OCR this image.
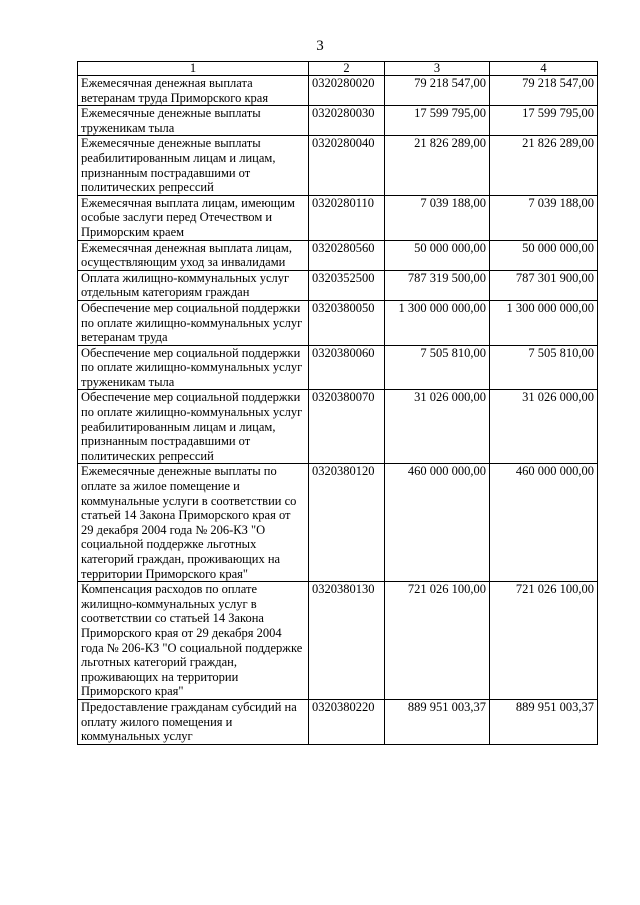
3
1	2	3	4
Ежемесячная денежная выплата ветеранам труда Приморского края	0320280020	79 218 547,00	79 218 547,00
Ежемесячные денежные выплаты труженикам тыла	0320280030	17 599 795,00	17 599 795,00
Ежемесячные денежные выплаты реабилитированным лицам и лицам, признанным пострадавшими от политических репрессий	0320280040	21 826 289,00	21 826 289,00
Ежемесячная выплата лицам, имеющим особые заслуги перед Отечеством и Приморским краем	0320280110	7 039 188,00	7 039 188,00
Ежемесячная денежная выплата лицам, осуществляющим уход за инвалидами	0320280560	50 000 000,00	50 000 000,00
Оплата жилищно-коммунальных услуг отдельным категориям граждан	0320352500	787 319 500,00	787 301 900,00
Обеспечение мер социальной поддержки по оплате жилищно-коммунальных услуг ветеранам труда	0320380050	1 300 000 000,00	1 300 000 000,00
Обеспечение мер социальной поддержки по оплате жилищно-коммунальных услуг труженикам тыла	0320380060	7 505 810,00	7 505 810,00
Обеспечение мер социальной поддержки по оплате жилищно-коммунальных услуг реабилитированным лицам и лицам, признанным пострадавшими от политических репрессий	0320380070	31 026 000,00	31 026 000,00
Ежемесячные денежные выплаты по оплате за жилое помещение и коммунальные услуги в соответствии со статьей 14 Закона Приморского края от 29 декабря 2004 года № 206-КЗ "О социальной поддержке льготных категорий граждан, проживающих на территории Приморского края"	0320380120	460 000 000,00	460 000 000,00
Компенсация расходов по оплате жилищно-коммунальных услуг в соответствии со статьей 14 Закона Приморского края от 29 декабря 2004 года № 206-КЗ "О социальной поддержке льготных категорий граждан, проживающих на территории Приморского края"	0320380130	721 026 100,00	721 026 100,00
Предоставление гражданам субсидий на оплату жилого помещения и коммунальных услуг	0320380220	889 951 003,37	889 951 003,37
